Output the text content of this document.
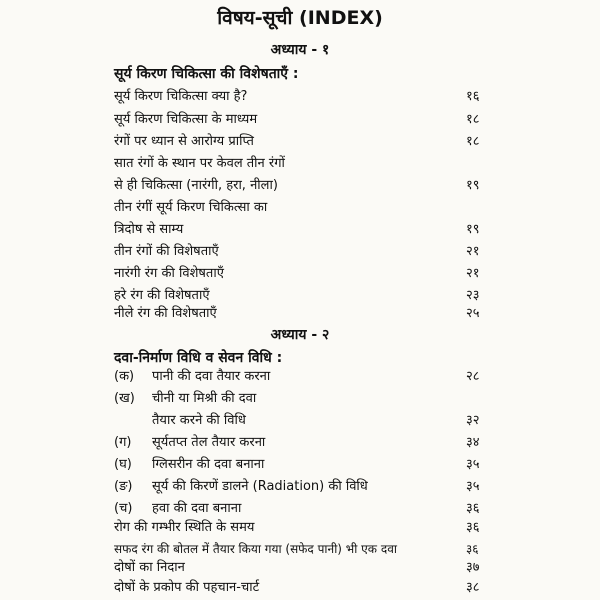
विषय-सूची (INDEX)
अध्याय - १
सूर्य किरण चिकित्सा की विशेषताएँ :
सूर्य किरण चिकित्सा क्या है?	१६
सूर्य किरण चिकित्सा के माध्यम	१८
रंगों पर ध्यान से आरोग्य प्राप्ति	१८
सात रंगों के स्थान पर केवल तीन रंगों
से ही चिकित्सा (नारंगी, हरा, नीला)	१९
तीन रंगीं सूर्य किरण चिकित्सा का
त्रिदोष से साम्य	१९
तीन रंगों की विशेषताएँ	२१
नारंगी रंग की विशेषताएँ	२१
हरे रंग की विशेषताएँ	२३
नीले रंग की विशेषताएँ	२५
अध्याय - २
दवा-निर्माण विधि व सेवन विधि :
(क) पानी की दवा तैयार करना	२८
(ख) चीनी या मिश्री की दवा
तैयार करने की विधि	३२
(ग) सूर्यतप्त तेल तैयार करना	३४
(घ) ग्लिसरीन की दवा बनाना	३५
(ङ) सूर्य की किरणें डालने (Radiation) की विधि	३५
(च) हवा की दवा बनाना	३६
रोग की गम्भीर स्थिति के समय	३६
सफद रंग की बोतल में तैयार किया गया (सफेद पानी) भी एक दवा	३६
दोषों का निदान	३७
दोषों के प्रकोप की पहचान-चार्ट	३८
